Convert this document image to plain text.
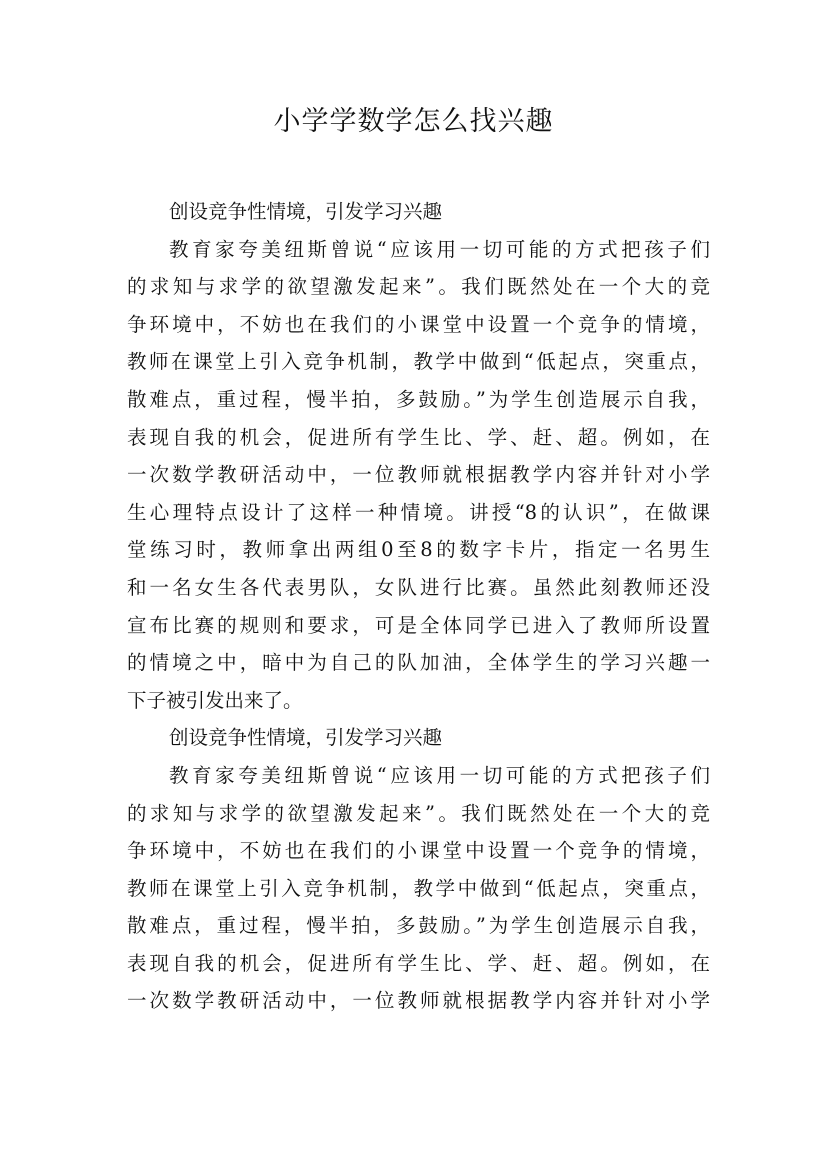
小学学数学怎么找兴趣
创设竞争性情境，引发学习兴趣
教育家夸美纽斯曾说“应该用一切可能的方式把孩子们
的求知与求学的欲望激发起来”。我们既然处在一个大的竞
争环境中，不妨也在我们的小课堂中设置一个竞争的情境，
教师在课堂上引入竞争机制，教学中做到“低起点，突重点，
散难点，重过程，慢半拍，多鼓励。”为学生创造展示自我，
表现自我的机会，促进所有学生比、学、赶、超。例如，在
一次数学教研活动中，一位教师就根据教学内容并针对小学
生心理特点设计了这样一种情境。讲授“8的认识”，在做课
堂练习时，教师拿出两组0至8的数字卡片，指定一名男生
和一名女生各代表男队，女队进行比赛。虽然此刻教师还没
宣布比赛的规则和要求，可是全体同学已进入了教师所设置
的情境之中，暗中为自己的队加油，全体学生的学习兴趣一
下子被引发出来了。
创设竞争性情境，引发学习兴趣
教育家夸美纽斯曾说“应该用一切可能的方式把孩子们
的求知与求学的欲望激发起来”。我们既然处在一个大的竞
争环境中，不妨也在我们的小课堂中设置一个竞争的情境，
教师在课堂上引入竞争机制，教学中做到“低起点，突重点，
散难点，重过程，慢半拍，多鼓励。”为学生创造展示自我，
表现自我的机会，促进所有学生比、学、赶、超。例如，在
一次数学教研活动中，一位教师就根据教学内容并针对小学
